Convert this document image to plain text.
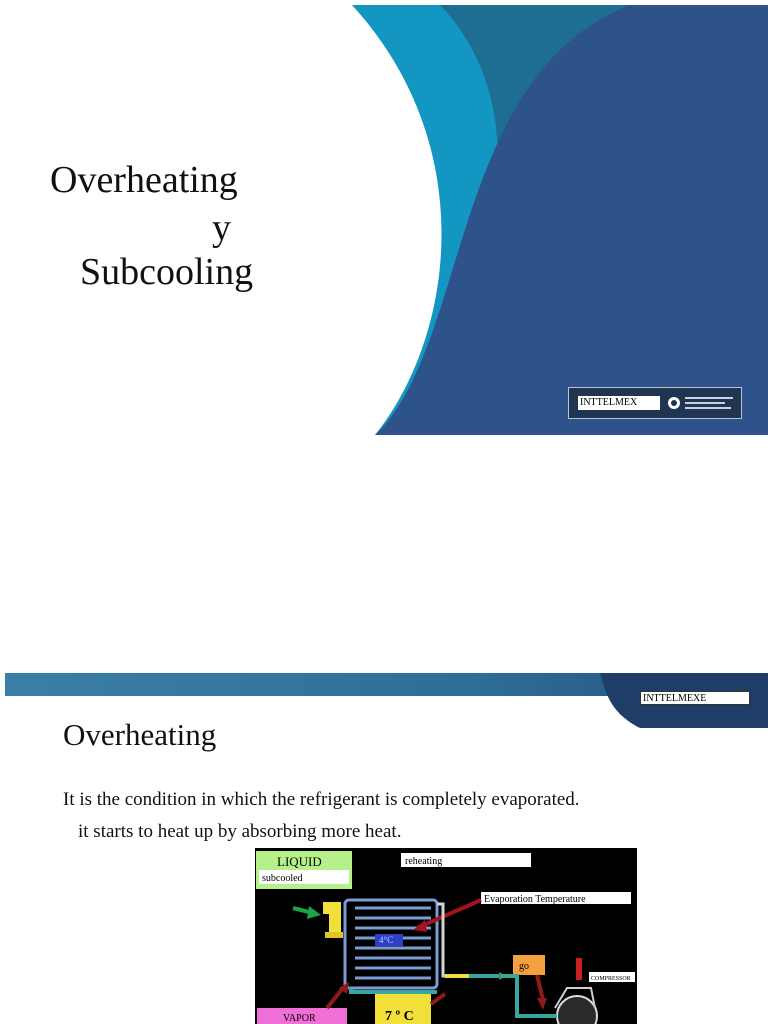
Overheating
y
Subcooling
INTTELMEX
INTTELMEXE
Overheating
It is the condition in which the refrigerant is completely evaporated.
it starts to heat up by absorbing more heat.
LIQUID
subcooled
reheating
4°C
Evaporation Temperature
go
COMPRESSOR
VAPOR	7 º C
